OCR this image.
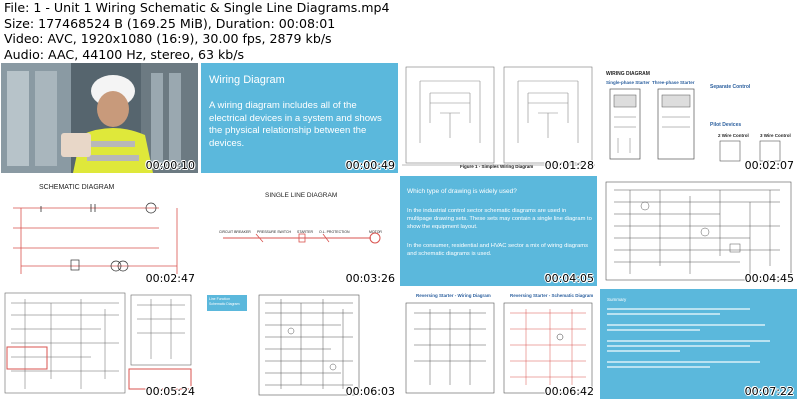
File: 1 - Unit 1 Wiring Schematic & Single Line Diagrams.mp4
Size: 177468524 B (169.25 MiB), Duration: 00:08:01
Video: AVC, 1920x1080 (16:9), 30.00 fps, 2879 kb/s
Audio: AAC, 44100 Hz, stereo, 63 kb/s
00:00:10
Wiring Diagram
A wiring diagram includes all of the electrical devices in a system and shows the physical relationship between the devices.
00:00:49	Figure 1 - Simples Wiring Diagram 00:01:28
WIRING DIAGRAM
Single-phase Starter Three-phase Starter
Separate Control
Pilot Devices
2 Wire Control	3 Wire Control
00:02:07
SCHEMATIC DIAGRAM
00:02:47
SINGLE LINE DIAGRAM
CIRCUIT BREAKER PRESSURE SWITCH STARTER O.L. PROTECTION	MOTOR
00:03:26
Which type of drawing is widely used?
In the industrial control sector schematic diagrams are used in multipage drawing sets. These sets may contain a single line diagram to show the equipment layout.
In the consumer, residential and HVAC sector a mix of wiring diagrams and schematic diagrams is used.
00:04:05	00:04:45
00:05:24
Line Function Schematic Diagram
00:06:03
Reversing Starter - Wiring Diagram	Reversing Starter - Schematic Diagram
00:06:42
Summary
00:07:22
